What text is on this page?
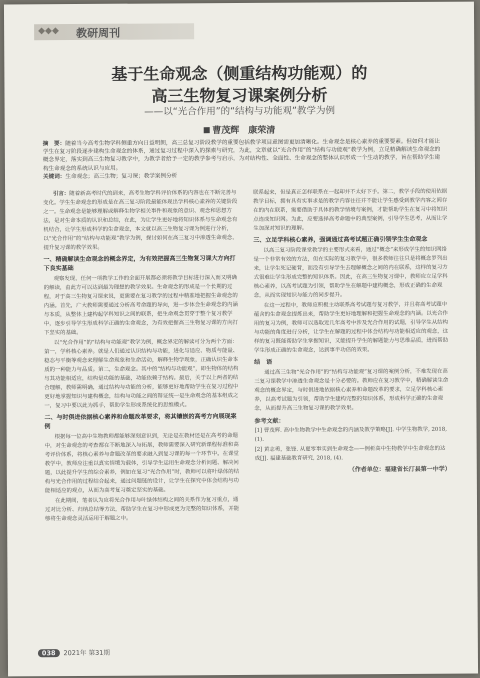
◆◆◆ 教研周刊
基于生命观念（侧重结构功能观）的
高三生物复习课案例分析
——以“光合作用”的“结构与功能观”教学为例
曹茂辉　康荣清
摘　要：随着当今高考生物学科侧重方向日益明朗，高三总复习阶段教学的重要包括教学项目意图需更加清晰化。生命观念是核心素养的重要要素。但如何才能让学生在复习阶段逐步建构生命观念的体系，通过复习过程中深入的探索与研究，为此，文章就以“光合作用”的“结构与功能观”教学为例，立足精确解读生命观念的概念界定，落实到高三生物复习教学中，为教学者给予一定的教学参考与启示，为对结构性、全面性、生命观念的整体认识形成一个生动的教学，旨在帮助学生建构生命观念的系统认识与应用。
关键词：生命观念；高三生物；复习课；教学案例分析

引言：随着新高考时代的到来，高考生物学科评价体系的内容也在不断完善与变化。学生生命观念的形成是在高三复习阶段最能体现出学科核心素养的关键阶段之一。生命观念是能够理解或解释生物学相关事件和现象的意识、观念和思想方法，是对生命本质的认识和总结，在此，为让学生更好地将知识体系与生命观念有机结合，让学生形成科学的生命观念，本文就以高三生物复习课为例进行分析，以“光合作用”的“结构与功能观”教学为例，探讨如何在高三复习中渗透生命观念，提升复习课的教学效果。

一、精确解读生命观念的概念界定，为有效把握高三生物复习课大方向打下良实基础

观察发现，任何一项教学工作的全面开展都必须将教学目标进行深入而又明确的解读，由此方可以达到最为理想的教学效果。生命观念的形成是一个长期的过程，对于高三生物复习课来说，更需要在复习教学的过程中精准地把握生命观念的内涵。首先，广大教师需要通过分析高考命题的导向，进一步体会生命观念的内涵与本质，从整体上建构起学科知识之间的联系，把生命观念贯穿于整个复习教学中，逐步引导学生形成科学正确的生命观念，为有效把握高三生物复习课的方向打下坚实的基础。

以“光合作用”的“结构与功能观”教学为例，概念界定的解读可分为两个方面：第一，学科核心素养。就是人们通过认识结构与功能，进化与适应、物质与能量、稳态与平衡等观念来理解生命现象和生命活动，解释生物学现象，正确认识生命本质的一种能力与品质。第二，生命观念。其中的“结构与功能观”，即生物体的结构与其功能相适应，结构是功能的基础，功能依赖于结构。最后，关于以上两者的结合理解，教师需明确，通过结构与功能的分析，能够更好地帮助学生在复习过程中更好地掌握知识与建构概念，结构与功能之间的辩证统一是生命观念的基本组成之一，复习中要以此为抓手，帮助学生形成系统化的思维模式。

二、与时俱进依据核心素养和命题改革要求，将其镶嵌的高考方向展现案例

根据每一位高中生物教师都能够深刻意识到，无论是在教材还是在高考的命题中，对生命观念的考查都在不断地深入与拓展，教师需要深入研究新课程标准和高考评价体系，将核心素养与命题改革的要求融入到复习课的每一个环节中。在课堂教学中，教师应注重以真实情境为载体，引导学生运用生命观念分析问题、解决问题，以此提升学生的综合素养，例如在复习“光合作用”时，教师可以将叶绿体的结构与光合作用的过程结合起来，通过问题链的设计，让学生在探究中体会结构与功能相适应的观点，从而为高考复习奠定坚实的基础。

在此期间，笔者认为应将光合作用与叶绿体结构之间的关系作为复习重点，通过对比分析、归纳总结等方法，帮助学生在复习中形成更为完整的知识体系，并能够将生命观念灵活运用于解题之中。

联系起来，但是真正怎样联系在一起却并不太好下手。第二，教学手段的使用依据教学目标，拥有具有实事求是的教学内容往往并不能让学生感受到教学内容之间存在的内在联系，需要借助于具体的教学情境与案例，才能帮助学生在复习中将知识点连成知识网。为此，应要选择高考命题中的典型案例，引导学生思考，从而让学生加深对知识的理解。

三、立足学科核心素养，强调通过高考试题正确引领学生生命观念

以高三复习阶段课堂教学的主要形式来看，通过“概念”来形成学生的知识网络是一个非常有效的方法，但在实际的复习教学中，很多教师往往只是将概念罗列出来，让学生死记硬背，而没有引导学生去理解概念之间的内在联系，这样的复习方式很难让学生形成完整的知识体系。因此，在高三生物复习课中，教师应立足学科核心素养，以高考试题为引领，帮助学生在解题中建构概念，形成正确的生命观念，从而实现知识与能力的同步提升。

在这一过程中，教师应积极主动联系高考试题与复习教学，并且将高考试题中蕴含的生命观念提炼出来，帮助学生更好地理解和把握生命观念的内涵。以光合作用的复习为例，教师可以选取近几年高考中涉及光合作用的试题，引导学生从结构与功能的角度进行分析，让学生在解题的过程中体会结构与功能相适应的观念，这样的复习既能帮助学生掌握知识，又能提升学生的解题能力与思维品质，进而帮助学生形成正确的生命观念，达到事半功倍的效果。

结　语

通过高三生物“光合作用”的“结构与功能观”复习课的案例分析，不难发现在高三复习课教学中渗透生命观念是十分必要的。教师应在复习教学中，精确解读生命观念的概念界定，与时俱进地依据核心素养和命题改革的要求，立足学科核心素养，以高考试题为引领，帮助学生建构完整的知识体系，形成科学正确的生命观念，从而提升高三生物复习课的教学效果。

参考文献：

[1] 曹茂辉. 高中生物教学中生命观念的内涵及教学策略[J]. 中学生物教学, 2018, (1).

[2] 黄志勇，张锋. 从夏零事实到生命观念——例析高中生物教学中生命观念的达成[J]. 福建基础教育研究, 2018, (4).

（作者单位：福建省长汀县第一中学）

038 2021年 第31期
